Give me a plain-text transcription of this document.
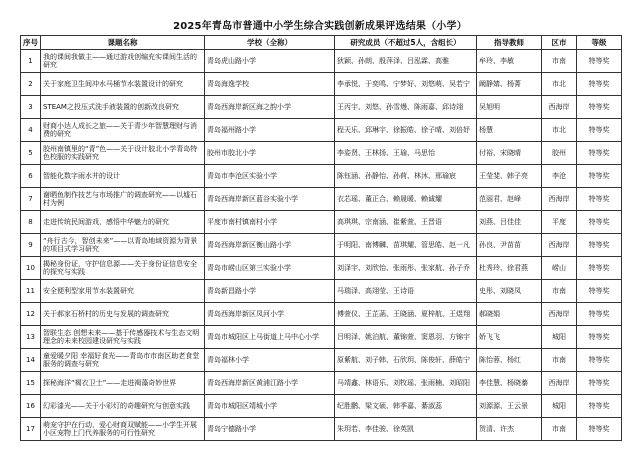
2025年青岛市普通中小学生综合实践创新成果评选结果（小学）
序号	课题名称	学校（全称）	研究成员（不超过5人，含组长）	指导教师	区市	等级
1	我的课间我做主——通过游戏创编充实课间生活的研究	青岛虎山路小学	狄颖、孙朗、殷萍泽、吕泓霖、高雅	牟玲、李敏	市南	特等奖
2	关于家庭卫生间冲水马桶节水装置设计的研究	青岛海逸学校	李承悦、于奕鸣、宁梦好、刘悠萌、吴若宁	阚静婧、杨菁	市北	特等奖
3	STEAM之投压式洗手液装置的创新改良研究	青岛西海岸新区海之韵小学	王丙宇、刘悠、孙雪熳、陈雨嘉、邱诗翊	吴旭明	西海岸	特等奖
4	财商小达人成长之旅——关于青少年智慧理财与消费的研究	青岛福州路小学	程天乐、邱琳宇、徐振皓、徐子晴、刘倍妤	杨慧	市北	特等奖
5	胶州南镇里的“青”色——关于设计胶北小学青岛特色校服的实践研究	胶州市胶北小学	李姿贤、王林扬、王瑜、马思怡	付裕、宋晓晴	胶州	特等奖
6	智能化数字雨水井的设计	青岛市李沧区实验小学	陈钰涵、孙静怡、孙荷、林沐、邢瑜宸	王莹斐、韩子亮	李沧	特等奖
7	谢晒鱼制作技艺与市场推广的调查研究——以墟石村为例	青岛西海岸新区蓝谷实验小学	衣芯瑶、董正合、赖晟暖、赖诚耀	范丽君、赵峰	西海岸	特等奖
8	走进传统民间游戏，感悟中华魅力的研究	平度市南村镇南村小学	高琪琪、宗南涵、崔紫萱、王晋语	刘燕、吕佳佳	平度	特等奖
9	“舟行古今，智创未来”——以青岛地域资源为背景的项目式学习研究	青岛西海岸新区衡山路小学	于明阳、南博麟、苗琪耀、管思皓、赵一凡	孙良、尹苗苗	西海岸	特等奖
10	揭秘身份证，守护信息源——关于身份证信息安全的探究与实践	青岛市崂山区第三实验小学	刘泽宇、刘欣怡、张雨彤、张家航、孙子乔	杜秀玲、徐君燕	崂山	特等奖
11	安全便利型家用节水装置研究	青岛新昌路小学	马瑞泽、高翊莹、王诗语	史彤、刘晓凤	市南	特等奖
12	关于郝家石桥村的历史与发展的调查研究	青岛西海岸新区凤河小学	傅萱仪、王芷菡、王晓涵、夏梓航、王煜翔	郝晓娟	西海岸	特等奖
13	智联生态 创想未来——基于传感器技术与生态文明理念的未来校园建设研究与实践	青岛市城阳区上马街道上马中心小学	吕明泽、姚泊航、董锦萱、窦恩羽、方锦宇	娇飞飞	城阳	特等奖
14	童爱暖夕阳 幸福好食光——青岛市市南区助老食堂服务的调查与研究	青岛福林小学	原紫航、刘子韩、石欣玥、陈俊轩、薛皓宁	陈怡蓉、杨红	市南	特等奖
15	探秘海洋“褐衣卫士”——走进褐藻奇妙世界	青岛西海岸新区黄浦江路小学	马靖鑫、林语乐、刘牧瑶、张雨楠、刘昭阳	李佳慧、杨晓蓁	西海岸	特等奖
16	幻彩漆光——关于小彩灯的奇趣研究与创意实践	青岛市城阳区靖城小学	纪胜鹏、梁文硕、韩季嘉、綦淑蕊	刘源源、王云景	城阳	特等奖
17	萌宠守护在行动，爱心财商双赋能——小学生开展小区宠物上门代养服务的可行性研究	青岛宁德路小学	朱玥若、李佳骏、徐英凯	贺清、许杰	市南	特等奖
